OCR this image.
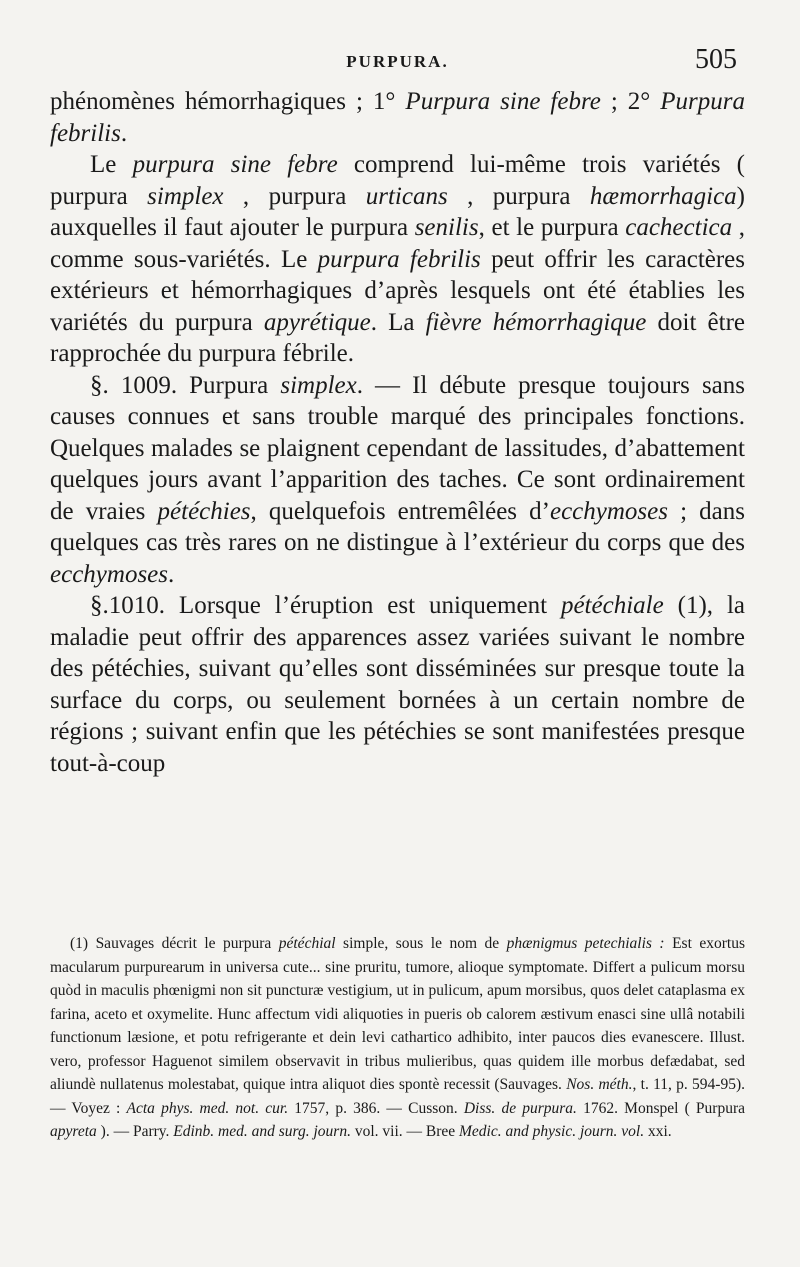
PURPURA.	505

phénomènes hémorrhagiques ; 1° Purpura sine febre ; 2° Purpura febrilis.

Le purpura sine febre comprend lui-même trois variétés ( purpura simplex , purpura urticans , purpura hæmorrhagica) auxquelles il faut ajouter le purpura senilis, et le purpura cachectica , comme sous-variétés. Le purpura febrilis peut offrir les caractères extérieurs et hémorrhagiques d’après lesquels ont été établies les variétés du purpura apyrétique. La fièvre hémorrhagique doit être rapprochée du purpura fébrile.

§. 1009. Purpura simplex. — Il débute presque toujours sans causes connues et sans trouble marqué des principales fonctions. Quelques malades se plaignent cependant de lassitudes, d’abattement quelques jours avant l’apparition des taches. Ce sont ordinairement de vraies pétéchies, quelquefois entremêlées d’ecchymoses ; dans quelques cas très rares on ne distingue à l’extérieur du corps que des ecchymoses.

§.1010. Lorsque l’éruption est uniquement pétéchiale (1), la maladie peut offrir des apparences assez variées suivant le nombre des pétéchies, suivant qu’elles sont disséminées sur presque toute la surface du corps, ou seulement bornées à un certain nombre de régions ; suivant enfin que les pétéchies se sont manifestées presque tout-à-coup

(1) Sauvages décrit le purpura pétéchial simple, sous le nom de phænigmus petechialis : Est exortus macularum purpurearum in universa cute... sine pruritu, tumore, alioque symptomate. Differt a pulicum morsu quòd in maculis phœnigmi non sit puncturæ vestigium, ut in pulicum, apum morsibus, quos delet cataplasma ex farina, aceto et oxymelite. Hunc affectum vidi aliquoties in pueris ob calorem æstivum enasci sine ullâ notabili functionum læsione, et potu refrigerante et dein levi cathartico adhibito, inter paucos dies evanescere. Illust. vero, professor Haguenot similem observavit in tribus mulieribus, quas quidem ille morbus defædabat, sed aliundè nullatenus molestabat, quique intra aliquot dies spontè recessit (Sauvages. Nos. méth., t. 11, p. 594-95). — Voyez : Acta phys. med. not. cur. 1757, p. 386. — Cusson. Diss. de purpura. 1762. Monspel ( Purpura apyreta ). — Parry. Edinb. med. and surg. journ. vol. vii. — Bree Medic. and physic. journ. vol. xxi.
